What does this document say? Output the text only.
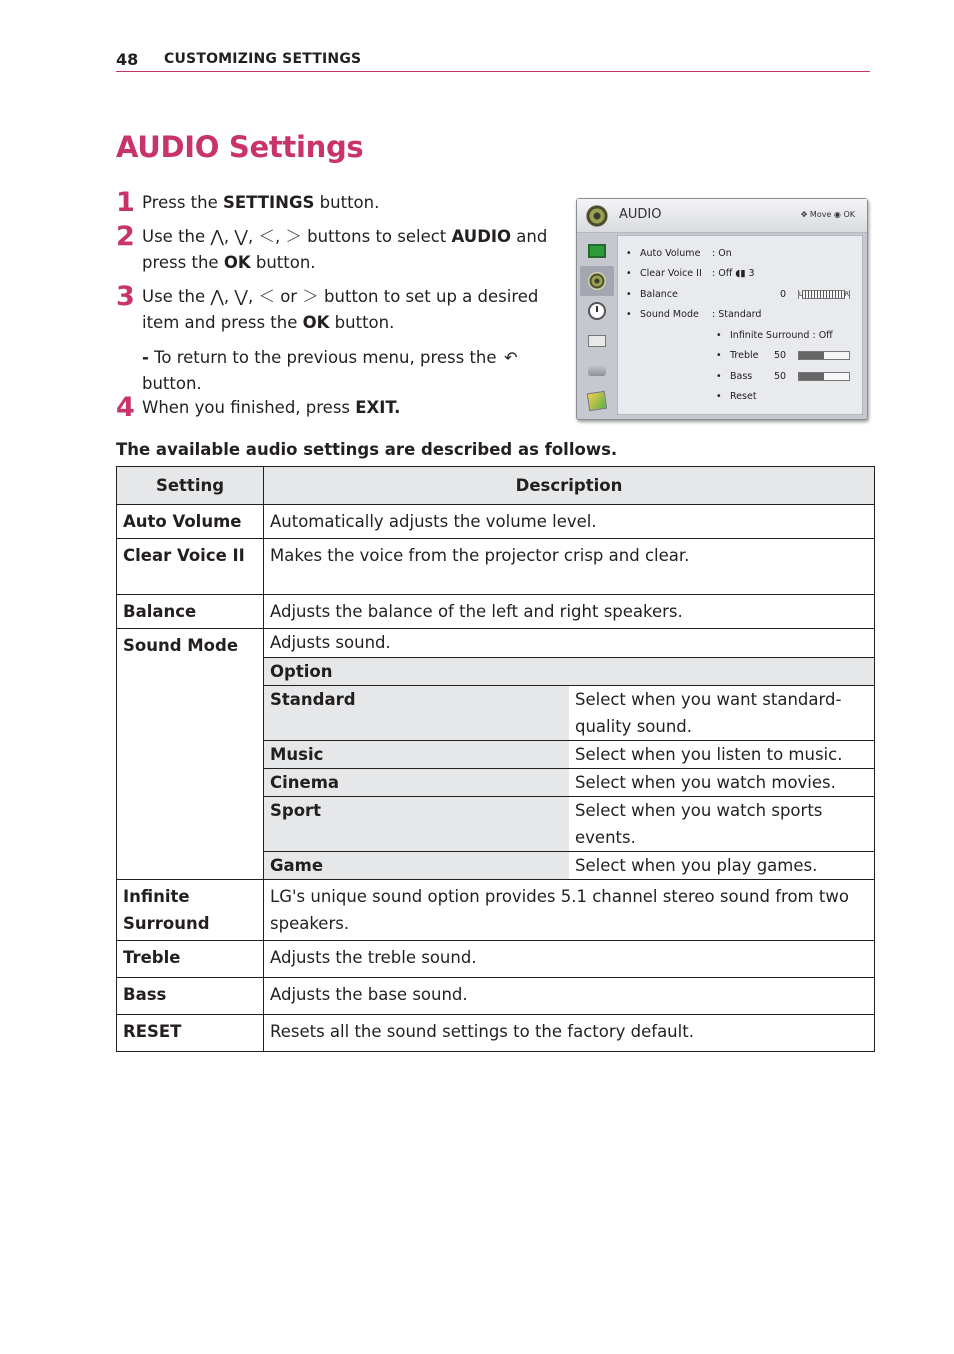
48 CUSTOMIZING SETTINGS
AUDIO Settings
1 Press the SETTINGS button.
2 Use the ⋀, ⋁, ＜, ＞ buttons to select AUDIO and press the OK button.
3 Use the ⋀, ⋁, ＜ or ＞ button to set up a desired item and press the OK button.
- To return to the previous menu, press the ↶ button.
4 When you finished, press EXIT.
AUDIO	✥ Move ◉ OK
• Auto Volume : On
• Clear Voice II : Off ◖▮ 3
• Balance	0 L	R
• Sound Mode : Standard
• Infinite Surround : Off
• Treble 50
• Bass 50
• Reset
The available audio settings are described as follows.
Setting	Description
Auto Volume	Automatically adjusts the volume level.
Clear Voice II	Makes the voice from the projector crisp and clear.
Balance	Adjusts the balance of the left and right speakers.
Sound Mode	Adjusts sound.
Option
Standard	Select when you want standard-quality sound.
Music	Select when you listen to music.
Cinema	Select when you watch movies.
Sport	Select when you watch sports events.
Game	Select when you play games.

Infinite Surround	LG's unique sound option provides 5.1 channel stereo sound from two speakers.
Treble	Adjusts the treble sound.
Bass	Adjusts the base sound.
RESET	Resets all the sound settings to the factory default.
